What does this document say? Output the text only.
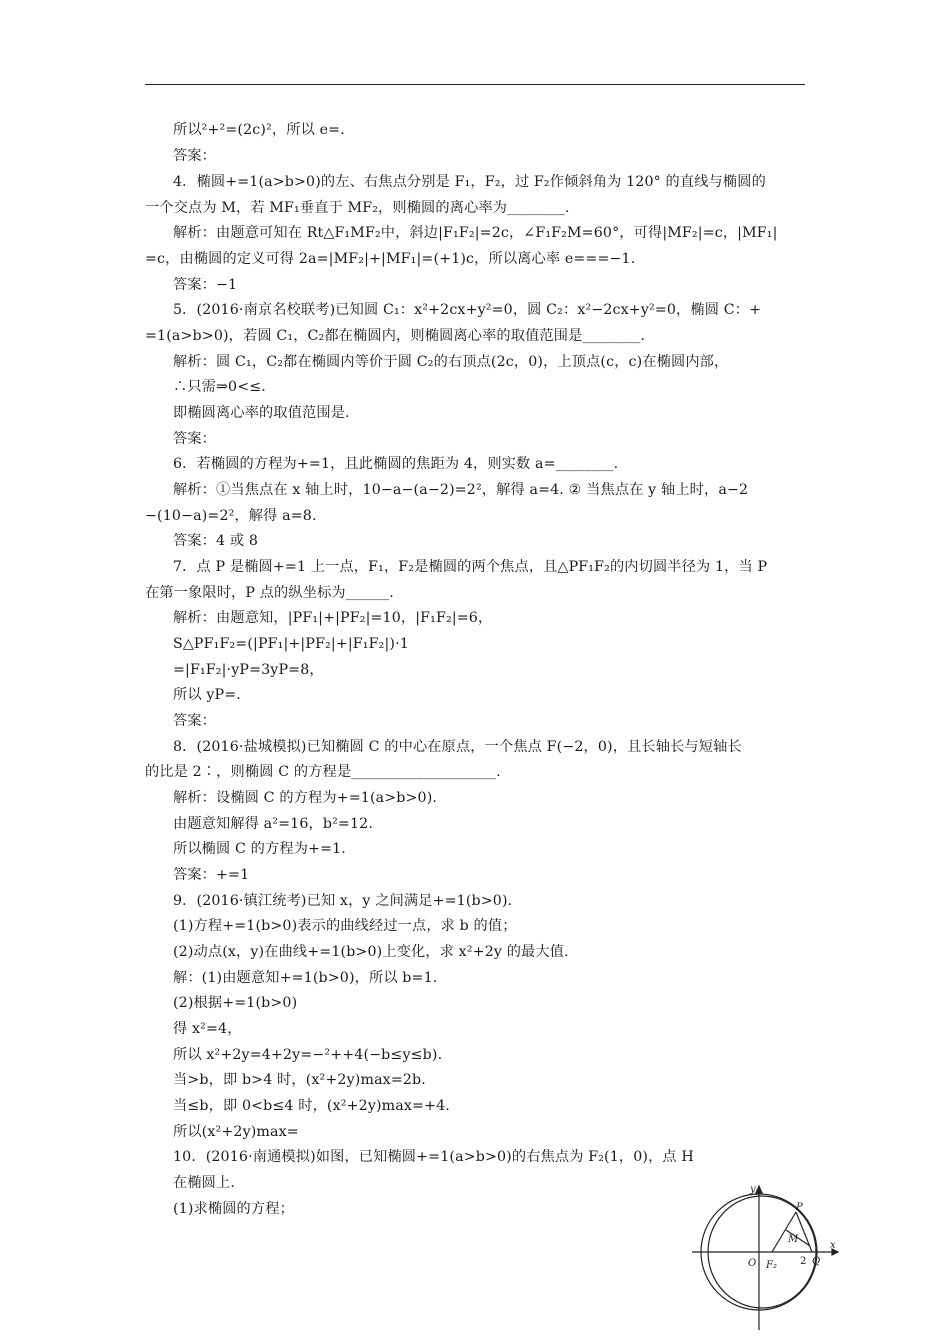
所以²+²=(2c)²，所以 e=.
答案：
4．椭圆+=1(a>b>0)的左、右焦点分别是 F₁，F₂，过 F₂作倾斜角为 120° 的直线与椭圆的
一个交点为 M，若 MF₁垂直于 MF₂，则椭圆的离心率为________.
解析：由题意可知在 Rt△F₁MF₂中，斜边|F₁F₂|=2c，∠F₁F₂M=60°，可得|MF₂|=c，|MF₁|
=c，由椭圆的定义可得 2a=|MF₂|+|MF₁|=(+1)c，所以离心率 e===−1.
答案：−1
5．(2016·南京名校联考)已知圆 C₁：x²+2cx+y²=0，圆 C₂：x²−2cx+y²=0，椭圆 C：+
=1(a>b>0)，若圆 C₁，C₂都在椭圆内，则椭圆离心率的取值范围是________.
解析：圆 C₁，C₂都在椭圆内等价于圆 C₂的右顶点(2c，0)，上顶点(c，c)在椭圆内部，
∴只需⇒0<≤.
即椭圆离心率的取值范围是.
答案：
6．若椭圆的方程为+=1，且此椭圆的焦距为 4，则实数 a=________.
解析：①当焦点在 x 轴上时，10−a−(a−2)=2²，解得 a=4. ② 当焦点在 y 轴上时，a−2
−(10−a)=2²，解得 a=8.
答案：4 或 8
7．点 P 是椭圆+=1 上一点，F₁，F₂是椭圆的两个焦点，且△PF₁F₂的内切圆半径为 1，当 P
在第一象限时，P 点的纵坐标为______.
解析：由题意知，|PF₁|+|PF₂|=10，|F₁F₂|=6，
S△PF₁F₂=(|PF₁|+|PF₂|+|F₁F₂|)·1
=|F₁F₂|·yP=3yP=8，
所以 yP=.
答案：
8．(2016·盐城模拟)已知椭圆 C 的中心在原点，一个焦点 F(−2，0)，且长轴长与短轴长
的比是 2∶，则椭圆 C 的方程是____________________.
解析：设椭圆 C 的方程为+=1(a>b>0).
由题意知解得 a²=16，b²=12.
所以椭圆 C 的方程为+=1.
答案：+=1
9．(2016·镇江统考)已知 x，y 之间满足+=1(b>0).
(1)方程+=1(b>0)表示的曲线经过一点，求 b 的值；
(2)动点(x，y)在曲线+=1(b>0)上变化，求 x²+2y 的最大值.
解：(1)由题意知+=1(b>0)，所以 b=1.
(2)根据+=1(b>0)
得 x²=4，
所以 x²+2y=4+2y=−²++4(−b≤y≤b).
当>b，即 b>4 时，(x²+2y)max=2b.
当≤b，即 0<b≤4 时，(x²+2y)max=+4.
所以(x²+2y)max=
10．(2016·南通模拟)如图，已知椭圆+=1(a>b>0)的右焦点为 F₂(1，0)，点 H
在椭圆上.
(1)求椭圆的方程；
y
x
O F₂
P
M
Q
2
